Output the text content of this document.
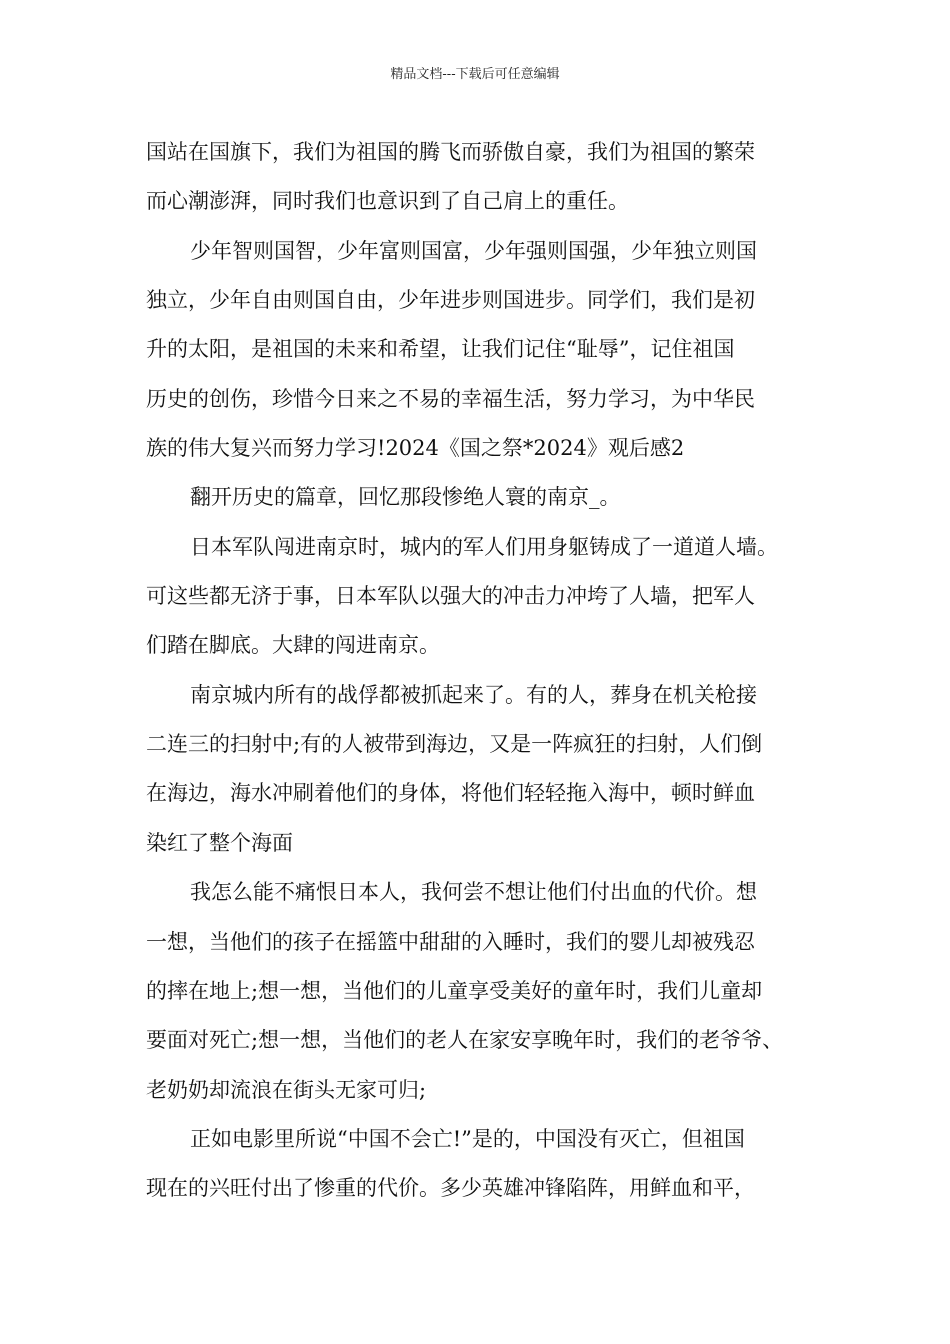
精品文档---下载后可任意编辑
国站在国旗下，我们为祖国的腾飞而骄傲自豪，我们为祖国的繁荣
而心潮澎湃，同时我们也意识到了自己肩上的重任。
少年智则国智，少年富则国富，少年强则国强，少年独立则国
独立，少年自由则国自由，少年进步则国进步。同学们，我们是初
升的太阳，是祖国的未来和希望，让我们记住“耻辱”，记住祖国
历史的创伤，珍惜今日来之不易的幸福生活，努力学习，为中华民
族的伟大复兴而努力学习!2024《国之祭*2024》观后感2
翻开历史的篇章，回忆那段惨绝人寰的南京_。
日本军队闯进南京时，城内的军人们用身躯铸成了一道道人墙。
可这些都无济于事，日本军队以强大的冲击力冲垮了人墙，把军人
们踏在脚底。大肆的闯进南京。
南京城内所有的战俘都被抓起来了。有的人，葬身在机关枪接
二连三的扫射中;有的人被带到海边，又是一阵疯狂的扫射，人们倒
在海边，海水冲刷着他们的身体，将他们轻轻拖入海中，顿时鲜血
染红了整个海面
我怎么能不痛恨日本人，我何尝不想让他们付出血的代价。想
一想，当他们的孩子在摇篮中甜甜的入睡时，我们的婴儿却被残忍
的摔在地上;想一想，当他们的儿童享受美好的童年时，我们儿童却
要面对死亡;想一想，当他们的老人在家安享晚年时，我们的老爷爷、
老奶奶却流浪在街头无家可归;
正如电影里所说“中国不会亡!”是的，中国没有灭亡，但祖国
现在的兴旺付出了惨重的代价。多少英雄冲锋陷阵，用鲜血和平，
